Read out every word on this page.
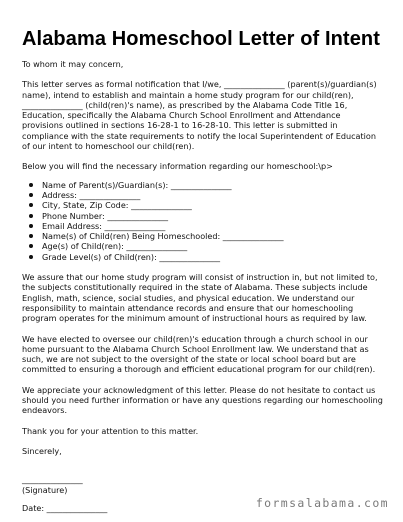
Alabama Homeschool Letter of Intent

To whom it may concern,

This letter serves as formal notification that I/we, _______________ (parent(s)/guardian(s) name), intend to establish and maintain a home study program for our child(ren), _______________ (child(ren)'s name), as prescribed by the Alabama Code Title 16, Education, specifically the Alabama Church School Enrollment and Attendance provisions outlined in sections 16-28-1 to 16-28-10. This letter is submitted in compliance with the state requirements to notify the local Superintendent of Education of our intent to homeschool our child(ren).

Below you will find the necessary information regarding our homeschool:\p>

Name of Parent(s)/Guardian(s): _______________
Address: _______________
City, State, Zip Code: _______________
Phone Number: _______________
Email Address: _______________
Name(s) of Child(ren) Being Homeschooled: _______________
Age(s) of Child(ren): _______________
Grade Level(s) of Child(ren): _______________

We assure that our home study program will consist of instruction in, but not limited to, the subjects constitutionally required in the state of Alabama. These subjects include English, math, science, social studies, and physical education. We understand our responsibility to maintain attendance records and ensure that our homeschooling program operates for the minimum amount of instructional hours as required by law.

We have elected to oversee our child(ren)'s education through a church school in our home pursuant to the Alabama Church School Enrollment law. We understand that as such, we are not subject to the oversight of the state or local school board but are committed to ensuring a thorough and efficient educational program for our child(ren).

We appreciate your acknowledgment of this letter. Please do not hesitate to contact us should you need further information or have any questions regarding our homeschooling endeavors.

Thank you for your attention to this matter.

Sincerely,

_______________

(Signature)

Date: _______________	formsalabama.com
